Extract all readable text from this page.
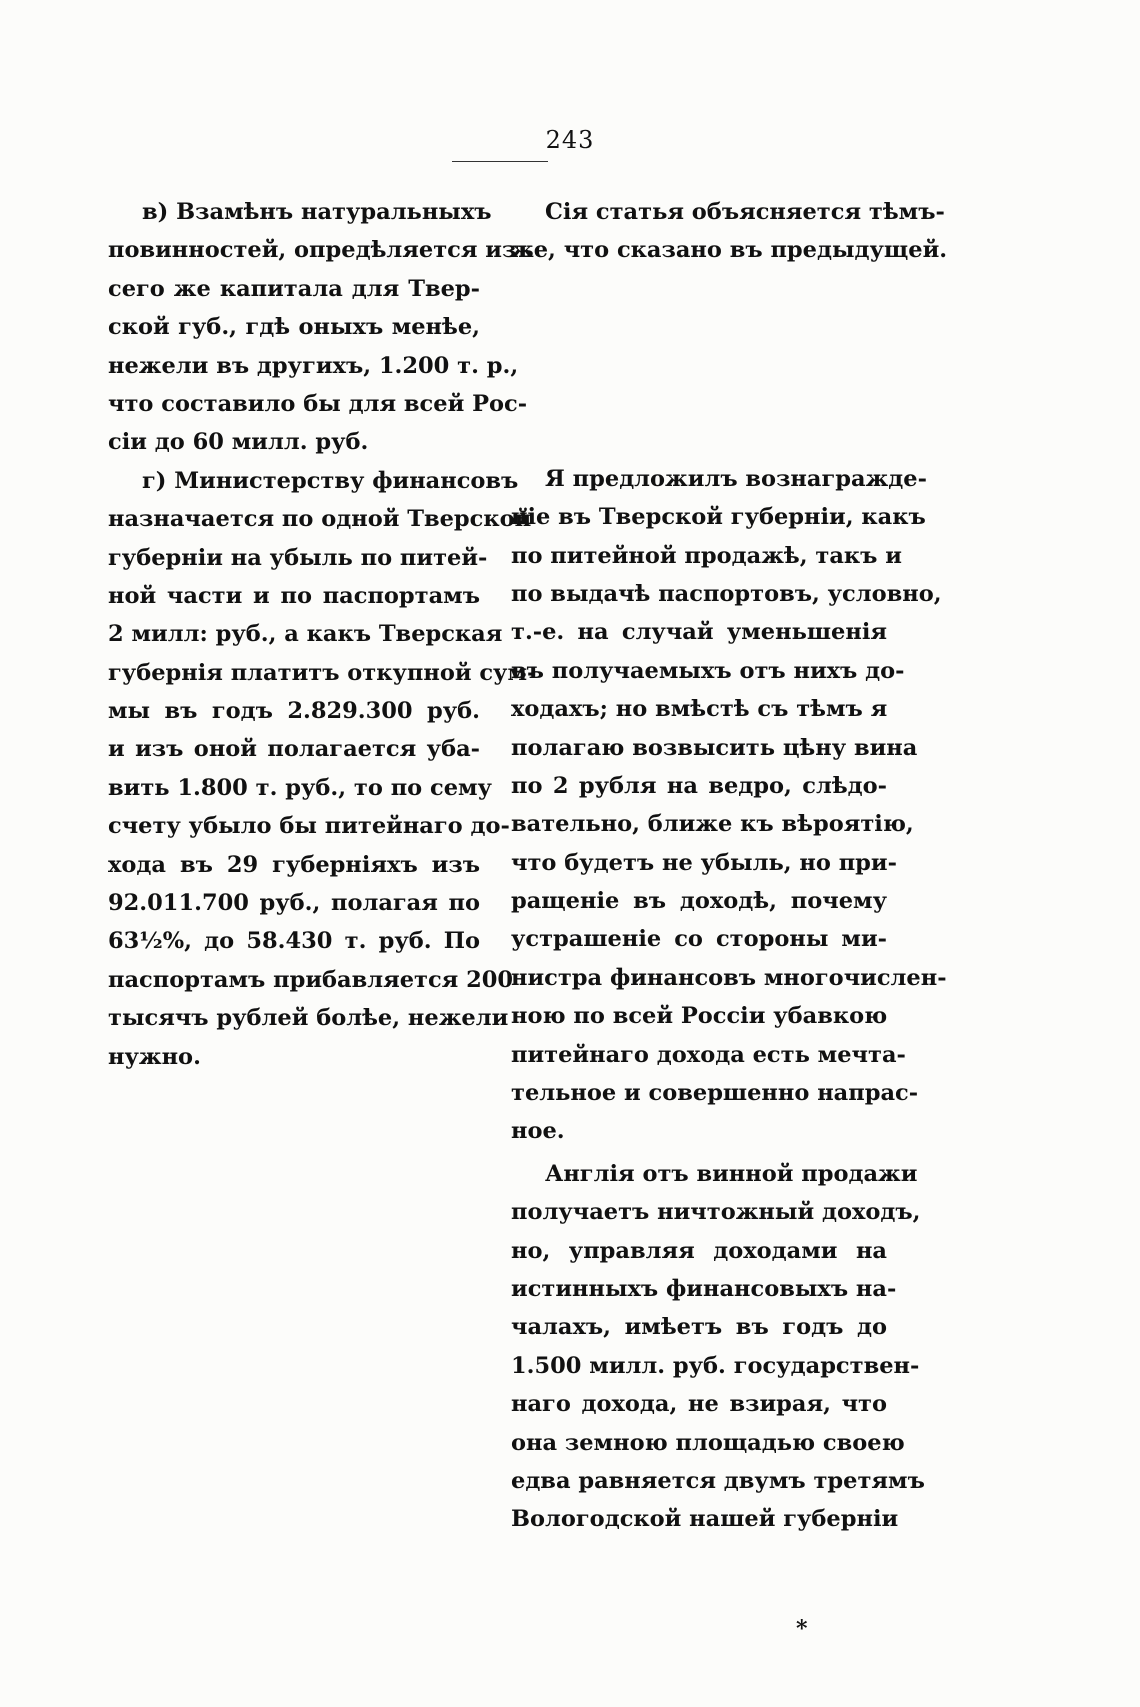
243
в) Взамѣнъ натуральныхъ
повинностей, опредѣляется изъ
сего же капитала для Твер-
ской губ., гдѣ оныхъ менѣе,
нежели въ другихъ, 1.200 т. р.,
что составило бы для всей Рос-
сіи до 60 милл. руб.
г) Министерству финансовъ
назначается по одной Тверской
губерніи на убыль по питей-
ной части и по паспортамъ
2 милл: руб., а какъ Тверская
губернія платитъ откупной сум-
мы въ годъ 2.829.300 руб.
и изъ оной полагается уба-
вить 1.800 т. руб., то по сему
счету убыло бы питейнаго до-
хода въ 29 губерніяхъ изъ
92.011.700 руб., полагая по
63½%, до 58.430 т. руб. По
паспортамъ прибавляется 200
тысячъ рублей болѣе, нежели
нужно.
Сія статья объясняется тѣмъ-
же, что сказано въ предыдущей.
Я предложилъ вознагражде-
ніе въ Тверской губерніи, какъ
по питейной продажѣ, такъ и
по выдачѣ паспортовъ, условно,
т.-е. на случай уменьшенія
въ получаемыхъ отъ нихъ до-
ходахъ; но вмѣстѣ съ тѣмъ я
полагаю возвысить цѣну вина
по 2 рубля на ведро, слѣдо-
вательно, ближе къ вѣроятію,
что будетъ не убыль, но при-
ращеніе въ доходѣ, почему
устрашеніе со стороны ми-
нистра финансовъ многочислен-
ною по всей Россіи убавкою
питейнаго дохода есть мечта-
тельное и совершенно напрас-
ное.
Англія отъ винной продажи
получаетъ ничтожный доходъ,
но, управляя доходами на
истинныхъ финансовыхъ на-
чалахъ, имѣетъ въ годъ до
1.500 милл. руб. государствен-
наго дохода, не взирая, что
она земною площадью своею
едва равняется двумъ третямъ
Вологодской нашей губерніи
*
